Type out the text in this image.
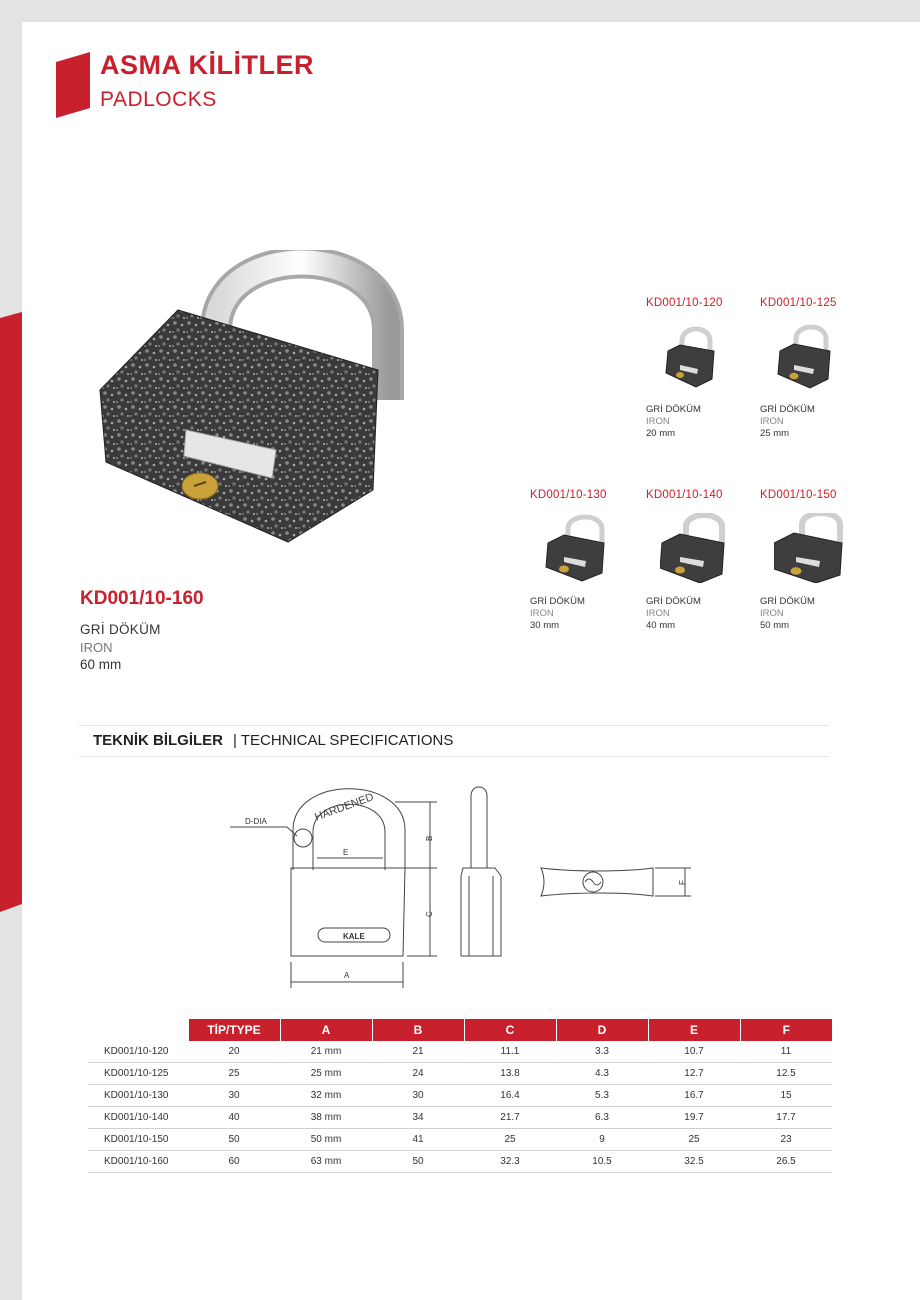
ASMA KİLİTLER
PADLOCKS
KD001/10-160
GRİ DÖKÜM
IRON
60 mm
KD001/10-120
GRİ DÖKÜM
IRON
20 mm
KD001/10-125
GRİ DÖKÜM
IRON
25 mm
KD001/10-130
GRİ DÖKÜM
IRON
30 mm
KD001/10-140
GRİ DÖKÜM
IRON
40 mm
KD001/10-150
GRİ DÖKÜM
IRON
50 mm
TEKNİK BİLGİLER | TECHNICAL SPECIFICATIONS
HARDENED
D-DIA
E
B
C
A
F
KALE
	TİP/TYPE	A	B	C	D	E	F
KD001/10-120	20	21 mm	21	11.1	3.3	10.7	11
KD001/10-125	25	25 mm	24	13.8	4.3	12.7	12.5
KD001/10-130	30	32 mm	30	16.4	5.3	16.7	15
KD001/10-140	40	38 mm	34	21.7	6.3	19.7	17.7
KD001/10-150	50	50 mm	41	25	9	25	23
KD001/10-160	60	63 mm	50	32.3	10.5	32.5	26.5
